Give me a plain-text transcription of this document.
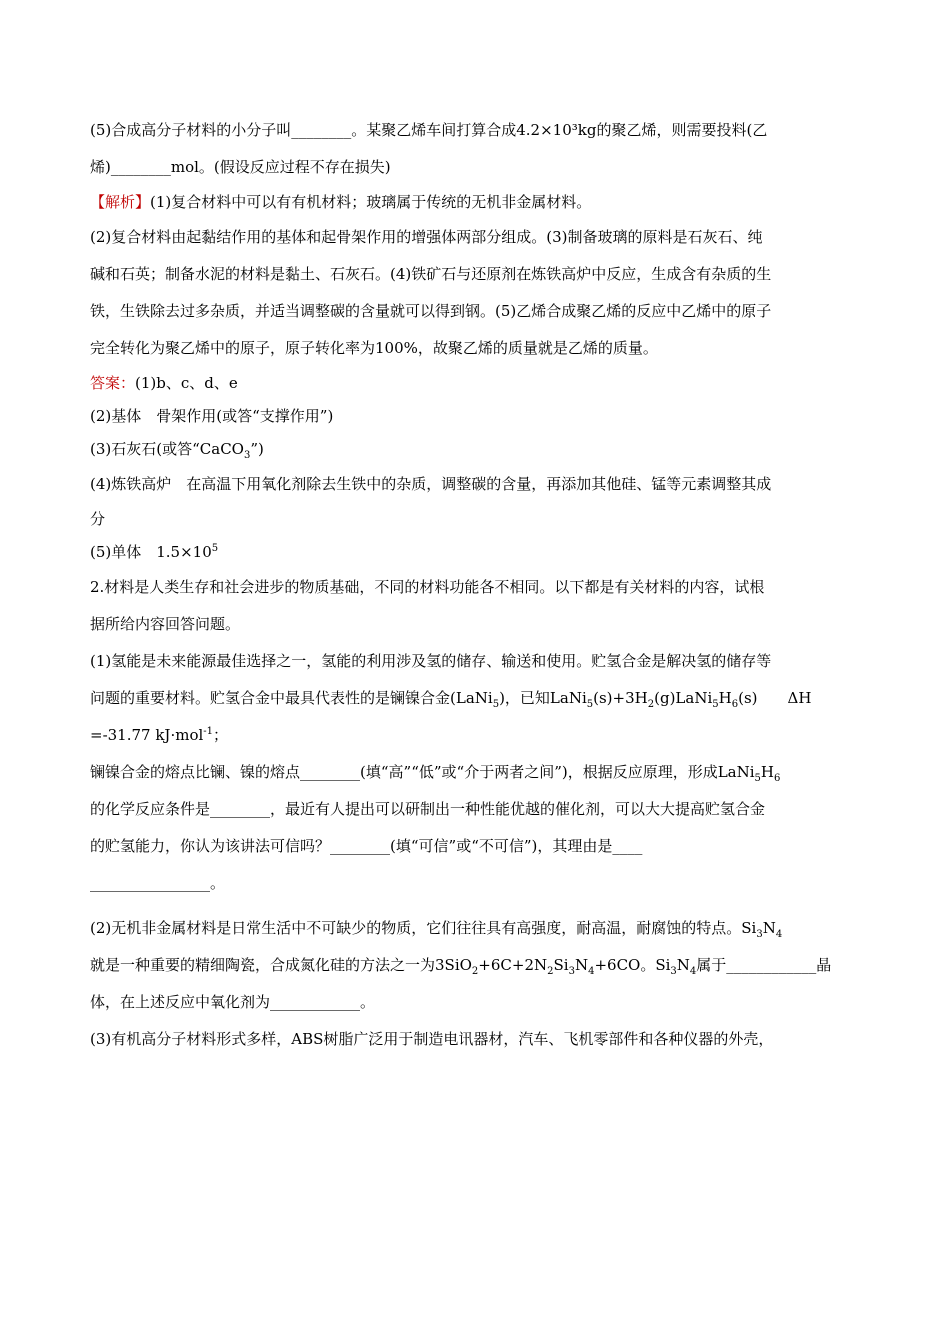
(5)合成高分子材料的小分子叫________。某聚乙烯车间打算合成4.2×10³kg的聚乙烯，则需要投料(乙
烯)________mol。(假设反应过程不存在损失)
【解析】(1)复合材料中可以有有机材料；玻璃属于传统的无机非金属材料。
(2)复合材料由起黏结作用的基体和起骨架作用的增强体两部分组成。(3)制备玻璃的原料是石灰石、纯
碱和石英；制备水泥的材料是黏土、石灰石。(4)铁矿石与还原剂在炼铁高炉中反应，生成含有杂质的生
铁，生铁除去过多杂质，并适当调整碳的含量就可以得到钢。(5)乙烯合成聚乙烯的反应中乙烯中的原子
完全转化为聚乙烯中的原子，原子转化率为100%，故聚乙烯的质量就是乙烯的质量。
答案：(1)b、c、d、e
(2)基体　骨架作用(或答“支撑作用”)
(3)石灰石(或答“CaCO$_3$”)
(4)炼铁高炉　在高温下用氧化剂除去生铁中的杂质，调整碳的含量，再添加其他硅、锰等元素调整其成
分
(5)单体　$1.5\times 10^5$
2.材料是人类生存和社会进步的物质基础，不同的材料功能各不相同。以下都是有关材料的内容，试根
据所给内容回答问题。
(1)氢能是未来能源最佳选择之一，氢能的利用涉及氢的储存、输送和使用。贮氢合金是解决氢的储存等
问题的重要材料。贮氢合金中最具代表性的是镧镍合金(LaNi$_5$)，已知$LaNi_5(s)+3H_2(g)LaNi_5H_6(s)$　　ΔH
=-31.77 kJ·mol$^{-1}$；
镧镍合金的熔点比镧、镍的熔点________(填“高”“低”或“介于两者之间”)，根据反应原理，形成$LaNi_5H_6$
的化学反应条件是________，最近有人提出可以研制出一种性能优越的催化剂，可以大大提高贮氢合金
的贮氢能力，你认为该讲法可信吗？________(填“可信”或“不可信”)，其理由是____
________________。
(2)无机非金属材料是日常生活中不可缺少的物质，它们往往具有高强度，耐高温，耐腐蚀的特点。$Si_3N_4$
就是一种重要的精细陶瓷，合成氮化硅的方法之一为$3SiO_2+6C+2N_2Si_3N_4+6CO$。$Si_3N_4$属于____________晶
体，在上述反应中氧化剂为____________。
(3)有机高分子材料形式多样，ABS树脂广泛用于制造电讯器材，汽车、飞机零部件和各种仪器的外壳，
